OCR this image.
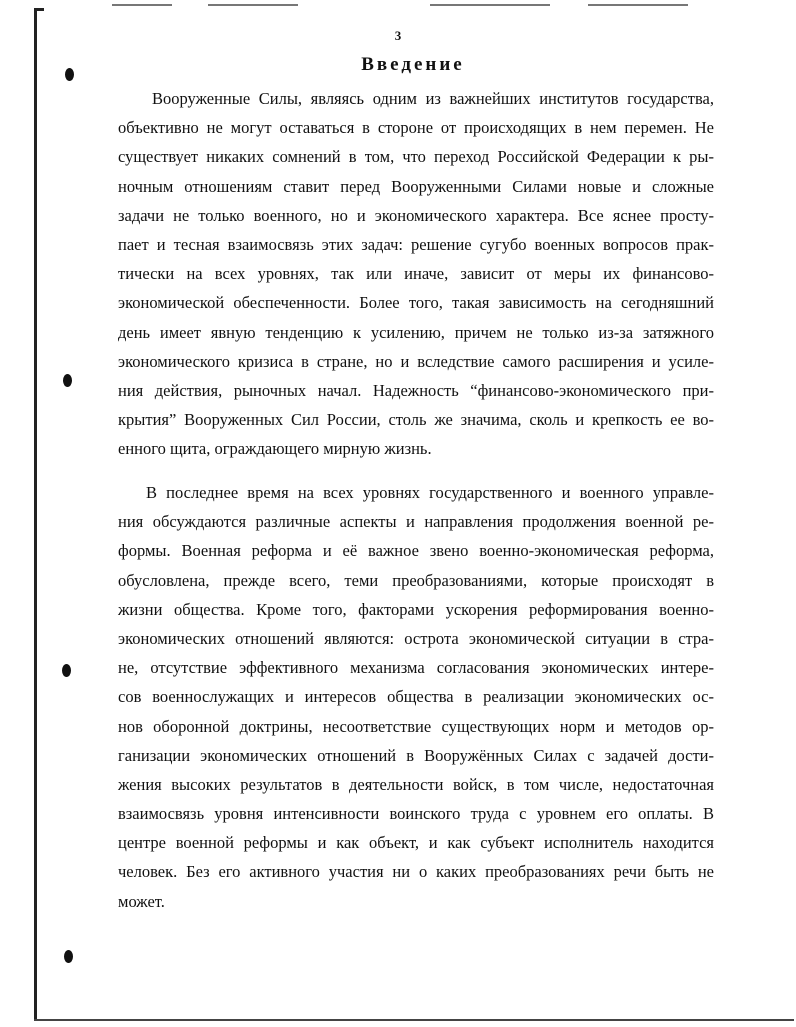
3
Введение
Вооруженные Силы, являясь одним из важнейших институтов государства,
объективно не могут оставаться в стороне от происходящих в нем перемен. Не
существует никаких сомнений в том, что переход Российской Федерации к ры-
ночным отношениям ставит перед Вооруженными Силами новые и сложные
задачи не только военного, но и экономического характера. Все яснее просту-
пает и тесная взаимосвязь этих задач: решение сугубо военных вопросов прак-
тически на всех уровнях, так или иначе, зависит от меры их финансово-
экономической обеспеченности. Более того, такая зависимость на сегодняшний
день имеет явную тенденцию к усилению, причем не только из-за затяжного
экономического кризиса в стране, но и вследствие самого расширения и усиле-
ния действия, рыночных начал. Надежность “финансово-экономического при-
крытия” Вооруженных Сил России, столь же значима, сколь и крепкость ее во-
енного щита, ограждающего мирную жизнь.
В последнее время на всех уровнях государственного и военного управле-
ния обсуждаются различные аспекты и направления продолжения военной ре-
формы. Военная реформа и её важное звено военно-экономическая реформа,
обусловлена, прежде всего, теми преобразованиями, которые происходят в
жизни общества. Кроме того, факторами ускорения реформирования военно-
экономических отношений являются: острота экономической ситуации в стра-
не, отсутствие эффективного механизма согласования экономических интере-
сов военнослужащих и интересов общества в реализации экономических ос-
нов оборонной доктрины, несоответствие существующих норм и методов ор-
ганизации экономических отношений в Вооружённых Силах с задачей дости-
жения высоких результатов в деятельности войск, в том числе, недостаточная
взаимосвязь уровня интенсивности воинского труда с уровнем его оплаты. В
центре военной реформы и как объект, и как субъект исполнитель находится
человек. Без его активного участия ни о каких преобразованиях речи быть не
может.
